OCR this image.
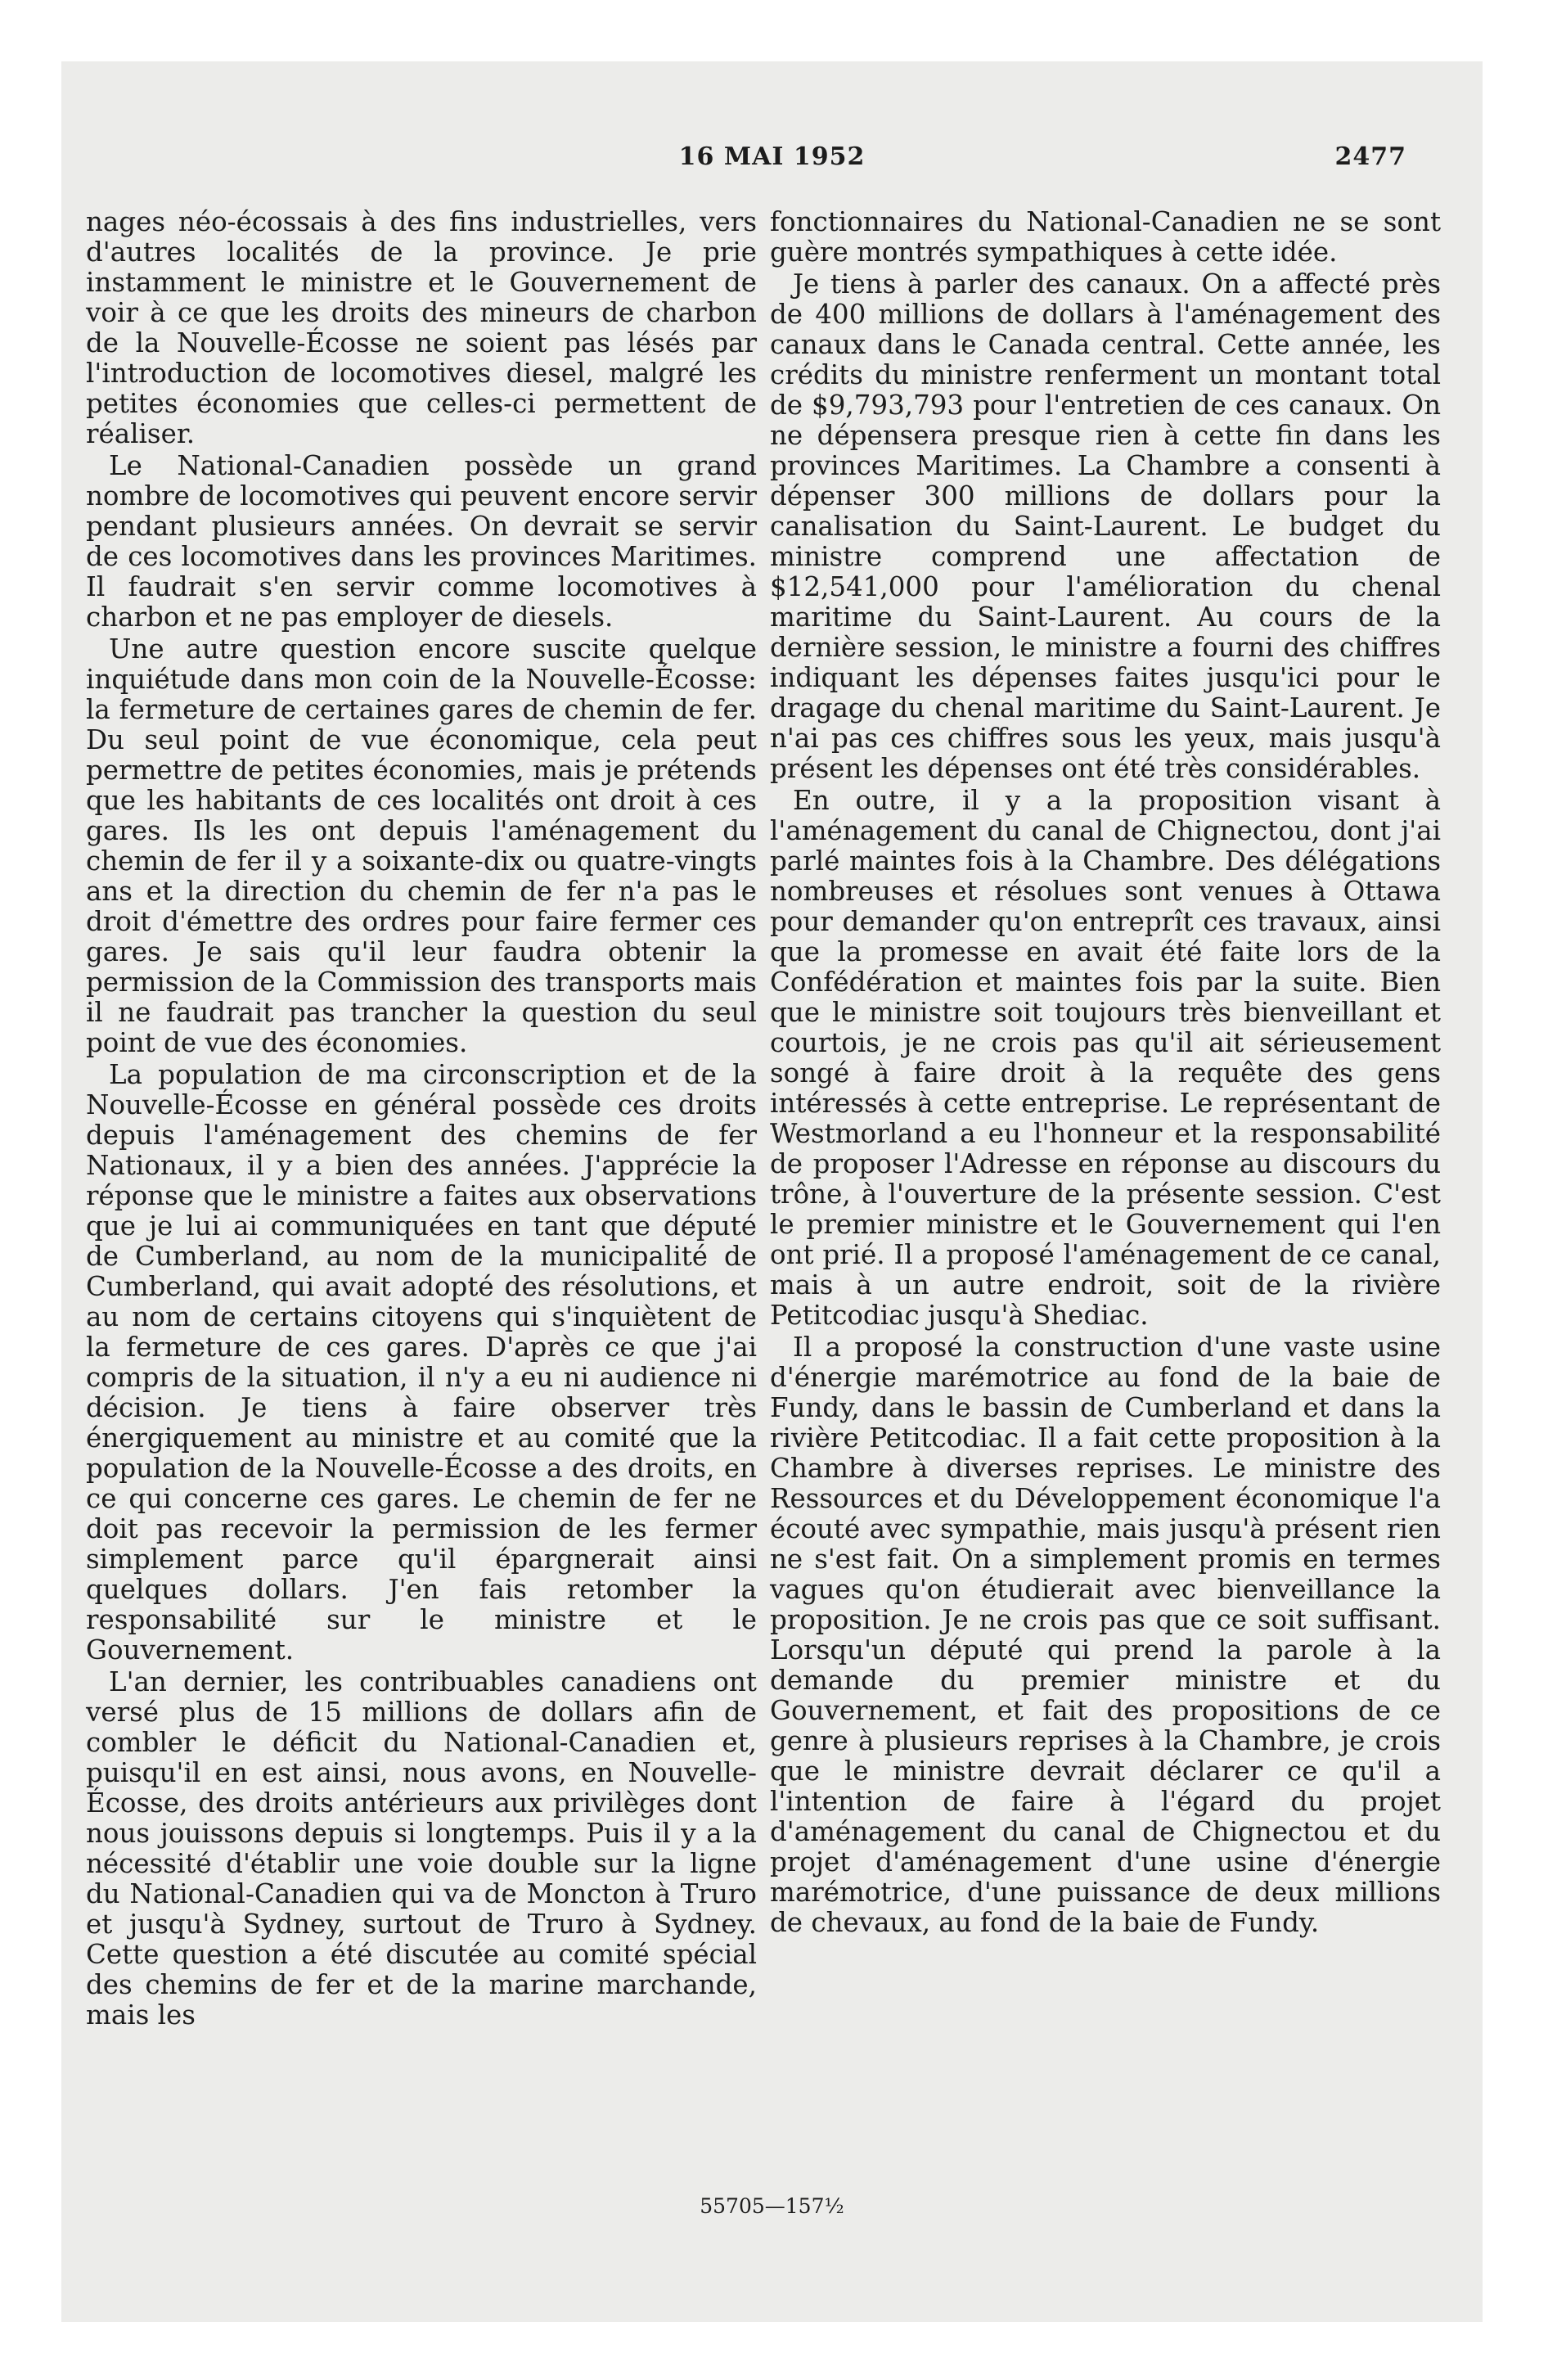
16 MAI 1952	2477

nages néo-écossais à des fins industrielles, vers d'autres localités de la province. Je prie instamment le ministre et le Gouvernement de voir à ce que les droits des mineurs de charbon de la Nouvelle-Écosse ne soient pas lésés par l'introduction de locomotives diesel, malgré les petites économies que celles-ci permettent de réaliser.

Le National-Canadien possède un grand nombre de locomotives qui peuvent encore servir pendant plusieurs années. On devrait se servir de ces locomotives dans les provinces Maritimes. Il faudrait s'en servir comme locomotives à charbon et ne pas employer de diesels.

Une autre question encore suscite quelque inquiétude dans mon coin de la Nouvelle-Écosse: la fermeture de certaines gares de chemin de fer. Du seul point de vue économique, cela peut permettre de petites économies, mais je prétends que les habitants de ces localités ont droit à ces gares. Ils les ont depuis l'aménagement du chemin de fer il y a soixante-dix ou quatre-vingts ans et la direction du chemin de fer n'a pas le droit d'émettre des ordres pour faire fermer ces gares. Je sais qu'il leur faudra obtenir la permission de la Commission des transports mais il ne faudrait pas trancher la question du seul point de vue des économies.

La population de ma circonscription et de la Nouvelle-Écosse en général possède ces droits depuis l'aménagement des chemins de fer Nationaux, il y a bien des années. J'apprécie la réponse que le ministre a faites aux observations que je lui ai communiquées en tant que député de Cumberland, au nom de la municipalité de Cumberland, qui avait adopté des résolutions, et au nom de certains citoyens qui s'inquiètent de la fermeture de ces gares. D'après ce que j'ai compris de la situation, il n'y a eu ni audience ni décision. Je tiens à faire observer très énergiquement au ministre et au comité que la population de la Nouvelle-Écosse a des droits, en ce qui concerne ces gares. Le chemin de fer ne doit pas recevoir la permission de les fermer simplement parce qu'il épargnerait ainsi quelques dollars. J'en fais retomber la responsabilité sur le ministre et le Gouvernement.

L'an dernier, les contribuables canadiens ont versé plus de 15 millions de dollars afin de combler le déficit du National-Canadien et, puisqu'il en est ainsi, nous avons, en Nouvelle-Écosse, des droits antérieurs aux privilèges dont nous jouissons depuis si longtemps. Puis il y a la nécessité d'établir une voie double sur la ligne du National-Canadien qui va de Moncton à Truro et jusqu'à Sydney, surtout de Truro à Sydney. Cette question a été discutée au comité spécial des chemins de fer et de la marine marchande, mais les

fonctionnaires du National-Canadien ne se sont guère montrés sympathiques à cette idée.

Je tiens à parler des canaux. On a affecté près de 400 millions de dollars à l'aménagement des canaux dans le Canada central. Cette année, les crédits du ministre renferment un montant total de $9,793,793 pour l'entretien de ces canaux. On ne dépensera presque rien à cette fin dans les provinces Maritimes. La Chambre a consenti à dépenser 300 millions de dollars pour la canalisation du Saint-Laurent. Le budget du ministre comprend une affectation de $12,541,000 pour l'amélioration du chenal maritime du Saint-Laurent. Au cours de la dernière session, le ministre a fourni des chiffres indiquant les dépenses faites jusqu'ici pour le dragage du chenal maritime du Saint-Laurent. Je n'ai pas ces chiffres sous les yeux, mais jusqu'à présent les dépenses ont été très considérables.

En outre, il y a la proposition visant à l'aménagement du canal de Chignectou, dont j'ai parlé maintes fois à la Chambre. Des délégations nombreuses et résolues sont venues à Ottawa pour demander qu'on entreprît ces travaux, ainsi que la promesse en avait été faite lors de la Confédération et maintes fois par la suite. Bien que le ministre soit toujours très bienveillant et courtois, je ne crois pas qu'il ait sérieusement songé à faire droit à la requête des gens intéressés à cette entreprise. Le représentant de Westmorland a eu l'honneur et la responsabilité de proposer l'Adresse en réponse au discours du trône, à l'ouverture de la présente session. C'est le premier ministre et le Gouvernement qui l'en ont prié. Il a proposé l'aménagement de ce canal, mais à un autre endroit, soit de la rivière Petitcodiac jusqu'à Shediac.

Il a proposé la construction d'une vaste usine d'énergie marémotrice au fond de la baie de Fundy, dans le bassin de Cumberland et dans la rivière Petitcodiac. Il a fait cette proposition à la Chambre à diverses reprises. Le ministre des Ressources et du Développement économique l'a écouté avec sympathie, mais jusqu'à présent rien ne s'est fait. On a simplement promis en termes vagues qu'on étudierait avec bienveillance la proposition. Je ne crois pas que ce soit suffisant. Lorsqu'un député qui prend la parole à la demande du premier ministre et du Gouvernement, et fait des propositions de ce genre à plusieurs reprises à la Chambre, je crois que le ministre devrait déclarer ce qu'il a l'intention de faire à l'égard du projet d'aménagement du canal de Chignectou et du projet d'aménagement d'une usine d'énergie marémotrice, d'une puissance de deux millions de chevaux, au fond de la baie de Fundy.

55705—157½
